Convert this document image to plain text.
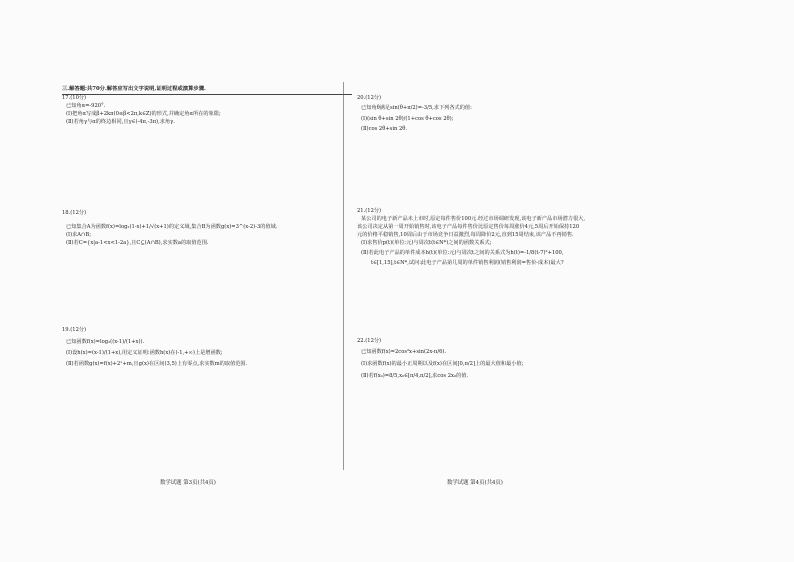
三.解答题:共70分.解答应写出文字说明,证明过程或演算步骤.
17.(10分)
已知角α=-920°.
(Ⅰ)把角α写成β+2kπ(0≤β<2π,k∈Z)的形式,并确定角α所在的象限;
(Ⅱ)若角γ与α的终边相同,且γ∈(-4π,-3π),求角γ.
18.(12分)
已知集合A为函数f(x)=log₂(1-x)+1/√(x+1)的定义域,集合B为函数g(x)=3^(x-2)-3的值域.
(Ⅰ)求A∩B;
(Ⅱ)若C={x|a-1<x<1-2a},且C⊆(A∩B),求实数a的取值范围.
19.(12分)
已知函数f(x)=log₂((x-1)/(1+x)).
(Ⅰ)设h(x)=(x-1)/(1+x),用定义证明:函数h(x)在(-1,+∞)上是增函数;
(Ⅱ)若函数g(x)=f(x)+2ˣ+m,且g(x)在区间(3,5)上有零点,求实数m的取值范围.
20.(12分)
已知角θ满足sin(θ+π/2)=-3/5,求下列各式的值:
(Ⅰ)(sin θ+sin 2θ)/(1+cos θ+cos 2θ);
(Ⅱ)cos 2θ+sin 2θ.
21.(12分)
某公司的电子新产品未上市时,原定每件售价100元.经过市场调研发现,该电子新产品市场潜力很大,
该公司决定从第一周开始销售时,该电子产品每件售价比原定售价每周涨价4元,5周后开始保持120
元的价格平稳销售,10周后由于市场竞争日益激烈,每周降价2元,直到15周结束,该产品不再销售.
(Ⅰ)求售价p(t)(单位:元)与周次t(t∈N*)之间的函数关系式;
(Ⅱ)若此电子产品的单件成本h(t)(单位:元)与周次t之间的关系式为h(t)=-1/8(t-7)²+100,
t∈[1,15],t∈N*,试问:此电子产品第几周的单件销售利润(销售利润=售价-成本)最大?
22.(12分)
已知函数f(x)=2cos²x+sin(2x-π/6).
(Ⅰ)求函数f(x)的最小正周期以及f(x)在区间[0,π/2]上的最大值和最小值;
(Ⅱ)若f(x₀)=8/5,x₀∈[π/4,π/2],求cos 2x₀的值.
数学试题 第3页(共4页)	数学试题 第4页(共4页)
